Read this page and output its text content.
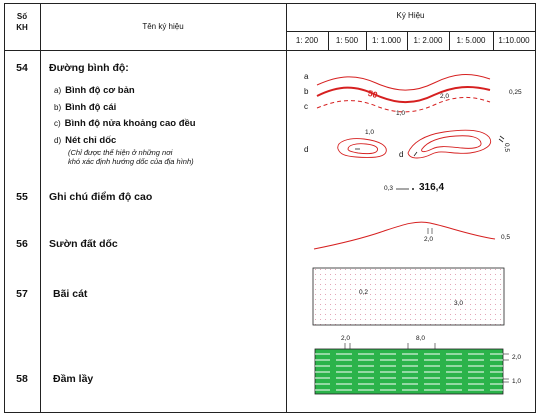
Số KH	Tên ký hiệu
Ký Hiệu
1: 200	1: 500	1: 1.000	1: 2.000	1: 5.000	1:10.000
54	Đường bình độ:
a) Bình độ cơ bản
b) Bình độ cái
c) Bình độ nửa khoảng cao đều
d) Nét chỉ dốc
(Chỉ được thể hiện ở những nơi
khó xác định hướng dốc của địa hình)
55	Ghi chú điểm độ cao
56	Sườn đất dốc
57	Bãi cát
58	Đầm lầy
a
b
c
d
d
50	2,0
0,25
1,0
1,0
0,5
0,3	316,4
2,0	0,5
0,2
3,0
2,0	8,0
2,0
1,0
